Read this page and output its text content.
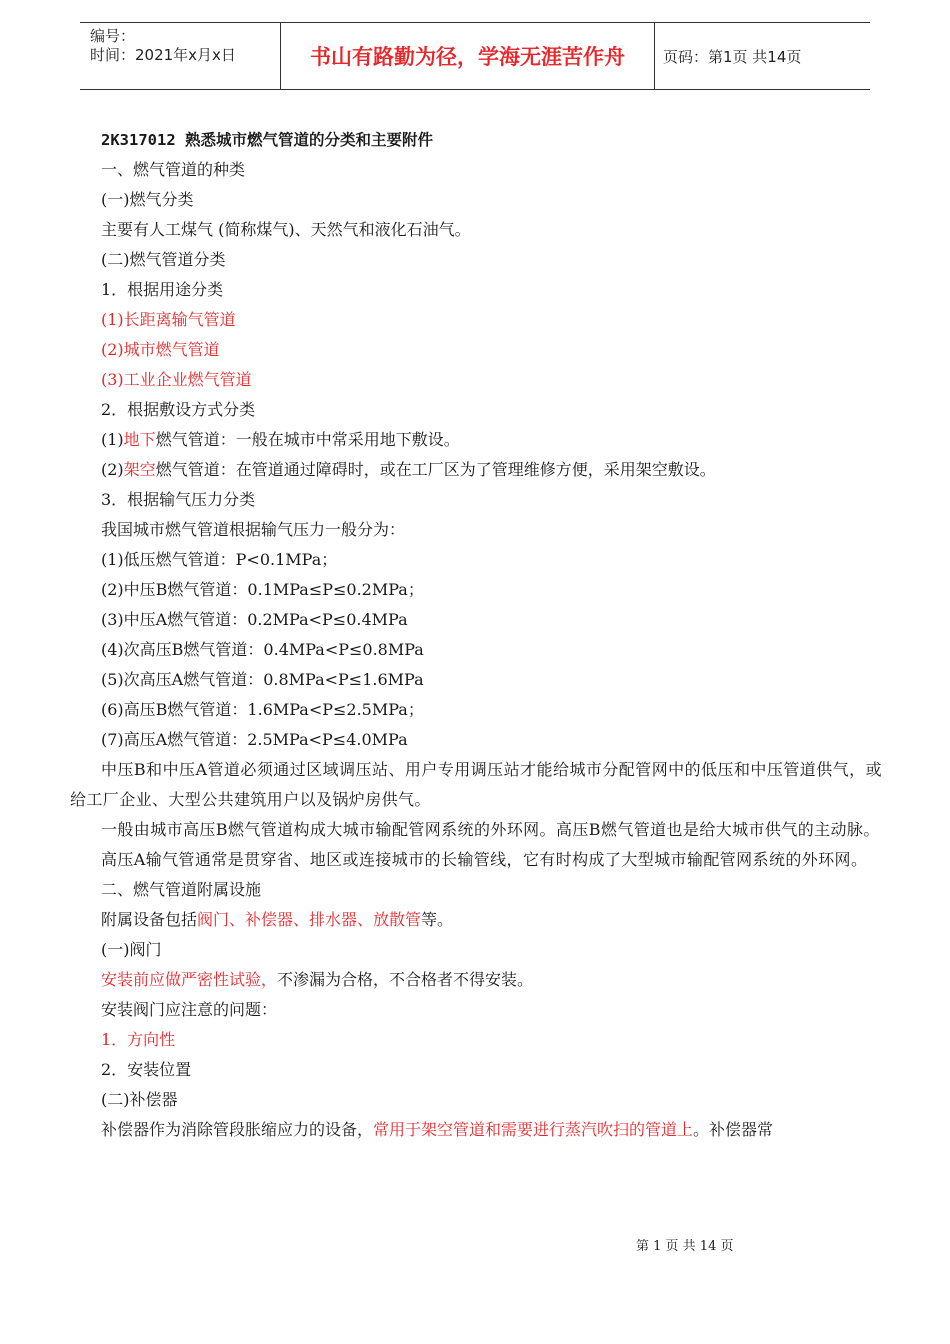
编号：
时间：2021年x月x日	书山有路勤为径，学海无涯苦作舟	页码：第1页 共14页
2K317012 熟悉城市燃气管道的分类和主要附件
一、燃气管道的种类
(一)燃气分类
主要有人工煤气 (简称煤气)、天然气和液化石油气。
(二)燃气管道分类
1．根据用途分类
(1)长距离输气管道
(2)城市燃气管道
(3)工业企业燃气管道
2．根据敷设方式分类
(1)地下燃气管道：一般在城市中常采用地下敷设。
(2)架空燃气管道：在管道通过障碍时，或在工厂区为了管理维修方便，采用架空敷设。
3．根据输气压力分类
我国城市燃气管道根据输气压力一般分为：
(1)低压燃气管道：P<0.1MPa；
(2)中压B燃气管道：0.1MPa≤P≤0.2MPa；
(3)中压A燃气管道：0.2MPa<P≤0.4MPa
(4)次高压B燃气管道：0.4MPa<P≤0.8MPa
(5)次高压A燃气管道：0.8MPa<P≤1.6MPa
(6)高压B燃气管道：1.6MPa<P≤2.5MPa；
(7)高压A燃气管道：2.5MPa<P≤4.0MPa
中压B和中压A管道必须通过区域调压站、用户专用调压站才能给城市分配管网中的低压和中压管道供气，或给工厂企业、大型公共建筑用户以及锅炉房供气。
一般由城市高压B燃气管道构成大城市输配管网系统的外环网。高压B燃气管道也是给大城市供气的主动脉。
高压A输气管通常是贯穿省、地区或连接城市的长输管线，它有时构成了大型城市输配管网系统的外环网。
二、燃气管道附属设施
附属设备包括阀门、补偿器、排水器、放散管等。
(一)阀门
安装前应做严密性试验，不渗漏为合格，不合格者不得安装。
安装阀门应注意的问题：
1．方向性
2．安装位置
(二)补偿器
补偿器作为消除管段胀缩应力的设备，常用于架空管道和需要进行蒸汽吹扫的管道上。补偿器常
第 1 页 共 14 页
